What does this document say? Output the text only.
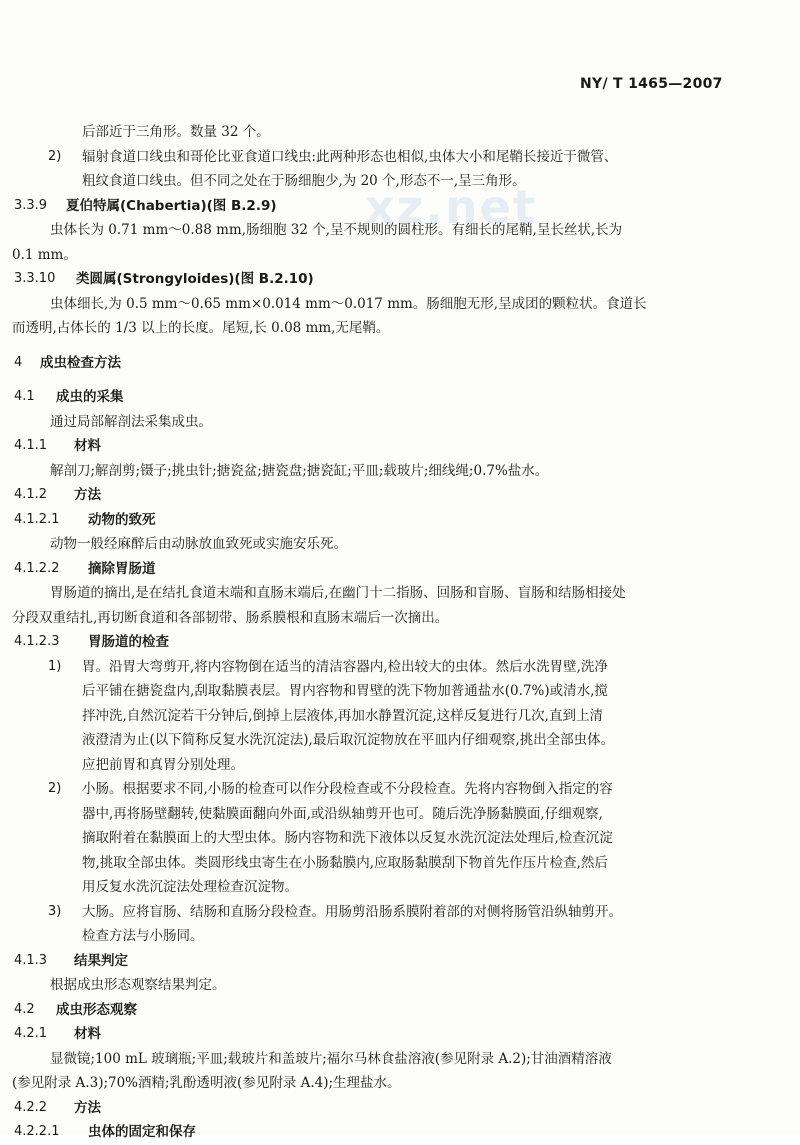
xz.net
NY/ T 1465—2007
后部近于三角形。数量 32 个。
2) 辐射食道口线虫和哥伦比亚食道口线虫:此两种形态也相似,虫体大小和尾鞘长接近于微管、
粗纹食道口线虫。但不同之处在于肠细胞少,为 20 个,形态不一,呈三角形。
3.3.9 夏伯特属(Chabertia)(图 B.2.9)
虫体长为 0.71 mm～0.88 mm,肠细胞 32 个,呈不规则的圆柱形。有细长的尾鞘,呈长丝状,长为
0.1 mm。
3.3.10 类圆属(Strongyloides)(图 B.2.10)
虫体细长,为 0.5 mm～0.65 mm×0.014 mm～0.017 mm。肠细胞无形,呈成团的颗粒状。食道长
而透明,占体长的 1/3 以上的长度。尾短,长 0.08 mm,无尾鞘。
4 成虫检查方法
4.1 成虫的采集
通过局部解剖法采集成虫。
4.1.1 材料
解剖刀;解剖剪;镊子;挑虫针;搪瓷盆;搪瓷盘;搪瓷缸;平皿;载玻片;细线绳;0.7%盐水。
4.1.2 方法
4.1.2.1 动物的致死
动物一般经麻醉后由动脉放血致死或实施安乐死。
4.1.2.2 摘除胃肠道
胃肠道的摘出,是在结扎食道末端和直肠末端后,在幽门十二指肠、回肠和盲肠、盲肠和结肠相接处
分段双重结扎,再切断食道和各部韧带、肠系膜根和直肠末端后一次摘出。
4.1.2.3 胃肠道的检查
1) 胃。沿胃大弯剪开,将内容物倒在适当的清洁容器内,检出较大的虫体。然后水洗胃壁,洗净
后平铺在搪瓷盘内,刮取黏膜表层。胃内容物和胃壁的洗下物加普通盐水(0.7%)或清水,搅
拌冲洗,自然沉淀若干分钟后,倒掉上层液体,再加水静置沉淀,这样反复进行几次,直到上清
液澄清为止(以下简称反复水洗沉淀法),最后取沉淀物放在平皿内仔细观察,挑出全部虫体。
应把前胃和真胃分别处理。
2) 小肠。根据要求不同,小肠的检查可以作分段检查或不分段检查。先将内容物倒入指定的容
器中,再将肠壁翻转,使黏膜面翻向外面,或沿纵轴剪开也可。随后洗净肠黏膜面,仔细观察,
摘取附着在黏膜面上的大型虫体。肠内容物和洗下液体以反复水洗沉淀法处理后,检查沉淀
物,挑取全部虫体。类圆形线虫寄生在小肠黏膜内,应取肠黏膜刮下物首先作压片检查,然后
用反复水洗沉淀法处理检查沉淀物。
3) 大肠。应将盲肠、结肠和直肠分段检查。用肠剪沿肠系膜附着部的对侧将肠管沿纵轴剪开。
检查方法与小肠同。
4.1.3 结果判定
根据成虫形态观察结果判定。
4.2 成虫形态观察
4.2.1 材料
显微镜;100 mL 玻璃瓶;平皿;载玻片和盖玻片;福尔马林食盐溶液(参见附录 A.2);甘油酒精溶液
(参见附录 A.3);70%酒精;乳酚透明液(参见附录 A.4);生理盐水。
4.2.2 方法
4.2.2.1 虫体的固定和保存
